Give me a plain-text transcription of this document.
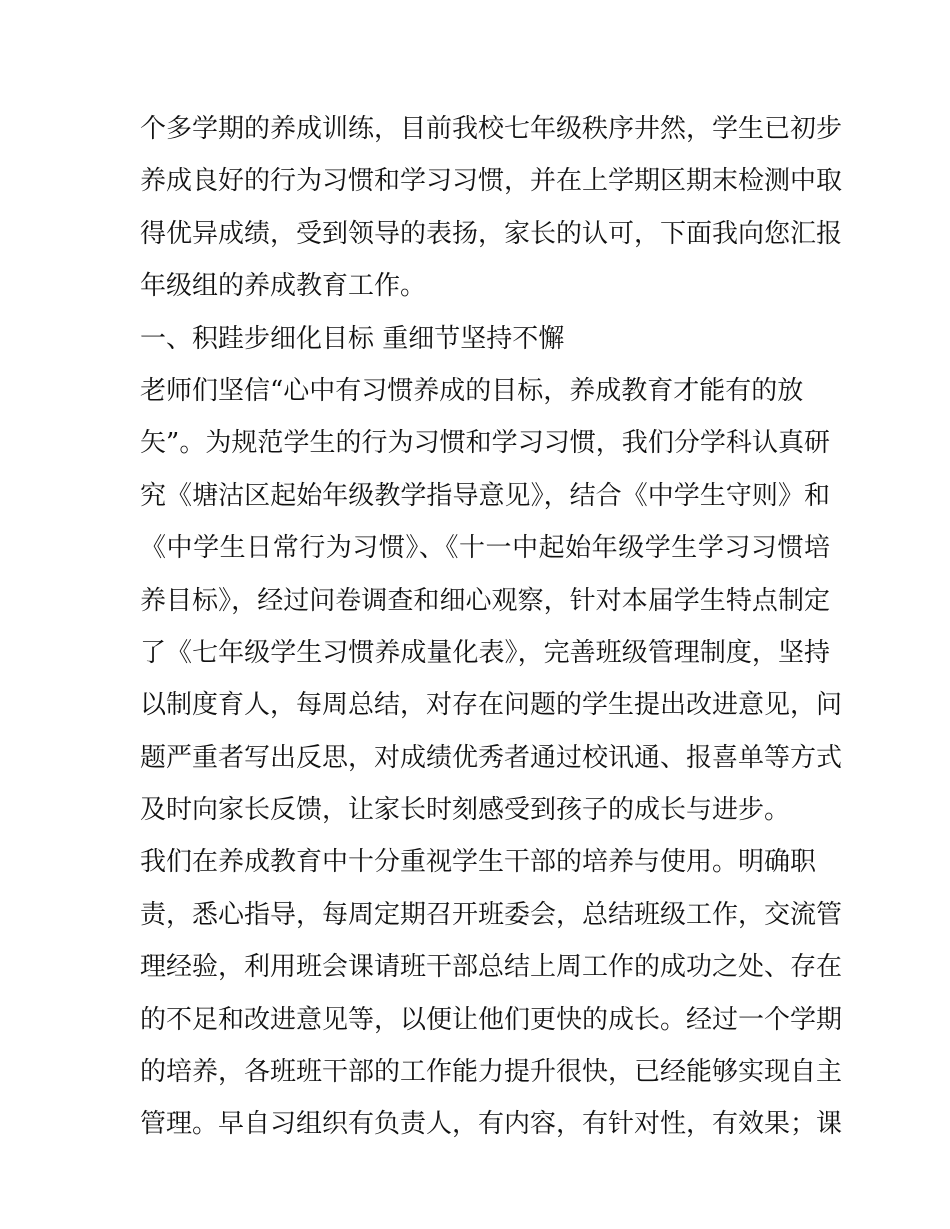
个多学期的养成训练，目前我校七年级秩序井然，学生已初步
养成良好的行为习惯和学习习惯，并在上学期区期末检测中取
得优异成绩，受到领导的表扬，家长的认可，下面我向您汇报
年级组的养成教育工作。
一、积跬步细化目标 重细节坚持不懈
老师们坚信“心中有习惯养成的目标，养成教育才能有的放
矢”。为规范学生的行为习惯和学习习惯，我们分学科认真研
究《塘沽区起始年级教学指导意见》，结合《中学生守则》和
《中学生日常行为习惯》、《十一中起始年级学生学习习惯培
养目标》，经过问卷调查和细心观察，针对本届学生特点制定
了《七年级学生习惯养成量化表》，完善班级管理制度，坚持
以制度育人，每周总结，对存在问题的学生提出改进意见，问
题严重者写出反思，对成绩优秀者通过校讯通、报喜单等方式
及时向家长反馈，让家长时刻感受到孩子的成长与进步。
我们在养成教育中十分重视学生干部的培养与使用。明确职
责，悉心指导，每周定期召开班委会，总结班级工作，交流管
理经验，利用班会课请班干部总结上周工作的成功之处、存在
的不足和改进意见等，以便让他们更快的成长。经过一个学期
的培养，各班班干部的工作能力提升很快，已经能够实现自主
管理。早自习组织有负责人，有内容，有针对性，有效果；课
